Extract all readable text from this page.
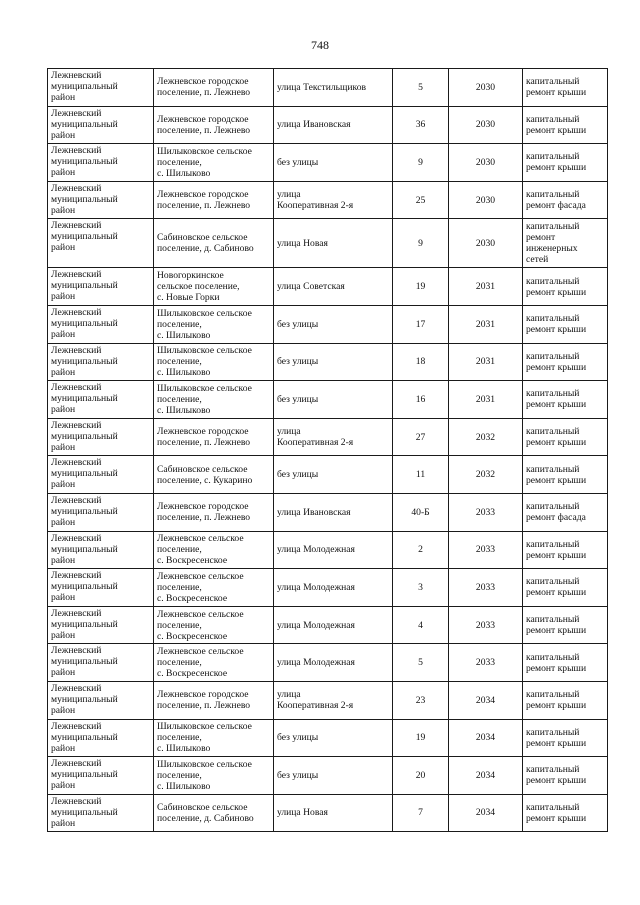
748
Лежневский
муниципальный
район	Лежневское городское
поселение, п. Лежнево	улица Текстильщиков	5	2030	капитальный
ремонт крыши
Лежневский
муниципальный
район	Лежневское городское
поселение, п. Лежнево	улица Ивановская	36	2030	капитальный
ремонт крыши
Лежневский
муниципальный
район	Шилыковское сельское
поселение,
с. Шилыково	без улицы	9	2030	капитальный
ремонт крыши
Лежневский
муниципальный
район	Лежневское городское
поселение, п. Лежнево	улица
Кооперативная 2-я	25	2030	капитальный
ремонт фасада
Лежневский
муниципальный
район	Сабиновское сельское
поселение, д. Сабиново	улица Новая	9	2030	капитальный
ремонт
инженерных
сетей
Лежневский
муниципальный
район	Новогоркинское
сельское поселение,
с. Новые Горки	улица Советская	19	2031	капитальный
ремонт крыши
Лежневский
муниципальный
район	Шилыковское сельское
поселение,
с. Шилыково	без улицы	17	2031	капитальный
ремонт крыши
Лежневский
муниципальный
район	Шилыковское сельское
поселение,
с. Шилыково	без улицы	18	2031	капитальный
ремонт крыши
Лежневский
муниципальный
район	Шилыковское сельское
поселение,
с. Шилыково	без улицы	16	2031	капитальный
ремонт крыши
Лежневский
муниципальный
район	Лежневское городское
поселение, п. Лежнево	улица
Кооперативная 2-я	27	2032	капитальный
ремонт крыши
Лежневский
муниципальный
район	Сабиновское сельское
поселение, с. Кукарино	без улицы	11	2032	капитальный
ремонт крыши
Лежневский
муниципальный
район	Лежневское городское
поселение, п. Лежнево	улица Ивановская	40-Б	2033	капитальный
ремонт фасада
Лежневский
муниципальный
район	Лежневское сельское
поселение,
с. Воскресенское	улица Молодежная	2	2033	капитальный
ремонт крыши
Лежневский
муниципальный
район	Лежневское сельское
поселение,
с. Воскресенское	улица Молодежная	3	2033	капитальный
ремонт крыши
Лежневский
муниципальный
район	Лежневское сельское
поселение,
с. Воскресенское	улица Молодежная	4	2033	капитальный
ремонт крыши
Лежневский
муниципальный
район	Лежневское сельское
поселение,
с. Воскресенское	улица Молодежная	5	2033	капитальный
ремонт крыши
Лежневский
муниципальный
район	Лежневское городское
поселение, п. Лежнево	улица
Кооперативная 2-я	23	2034	капитальный
ремонт крыши
Лежневский
муниципальный
район	Шилыковское сельское
поселение,
с. Шилыково	без улицы	19	2034	капитальный
ремонт крыши
Лежневский
муниципальный
район	Шилыковское сельское
поселение,
с. Шилыково	без улицы	20	2034	капитальный
ремонт крыши
Лежневский
муниципальный
район	Сабиновское сельское
поселение, д. Сабиново	улица Новая	7	2034	капитальный
ремонт крыши
